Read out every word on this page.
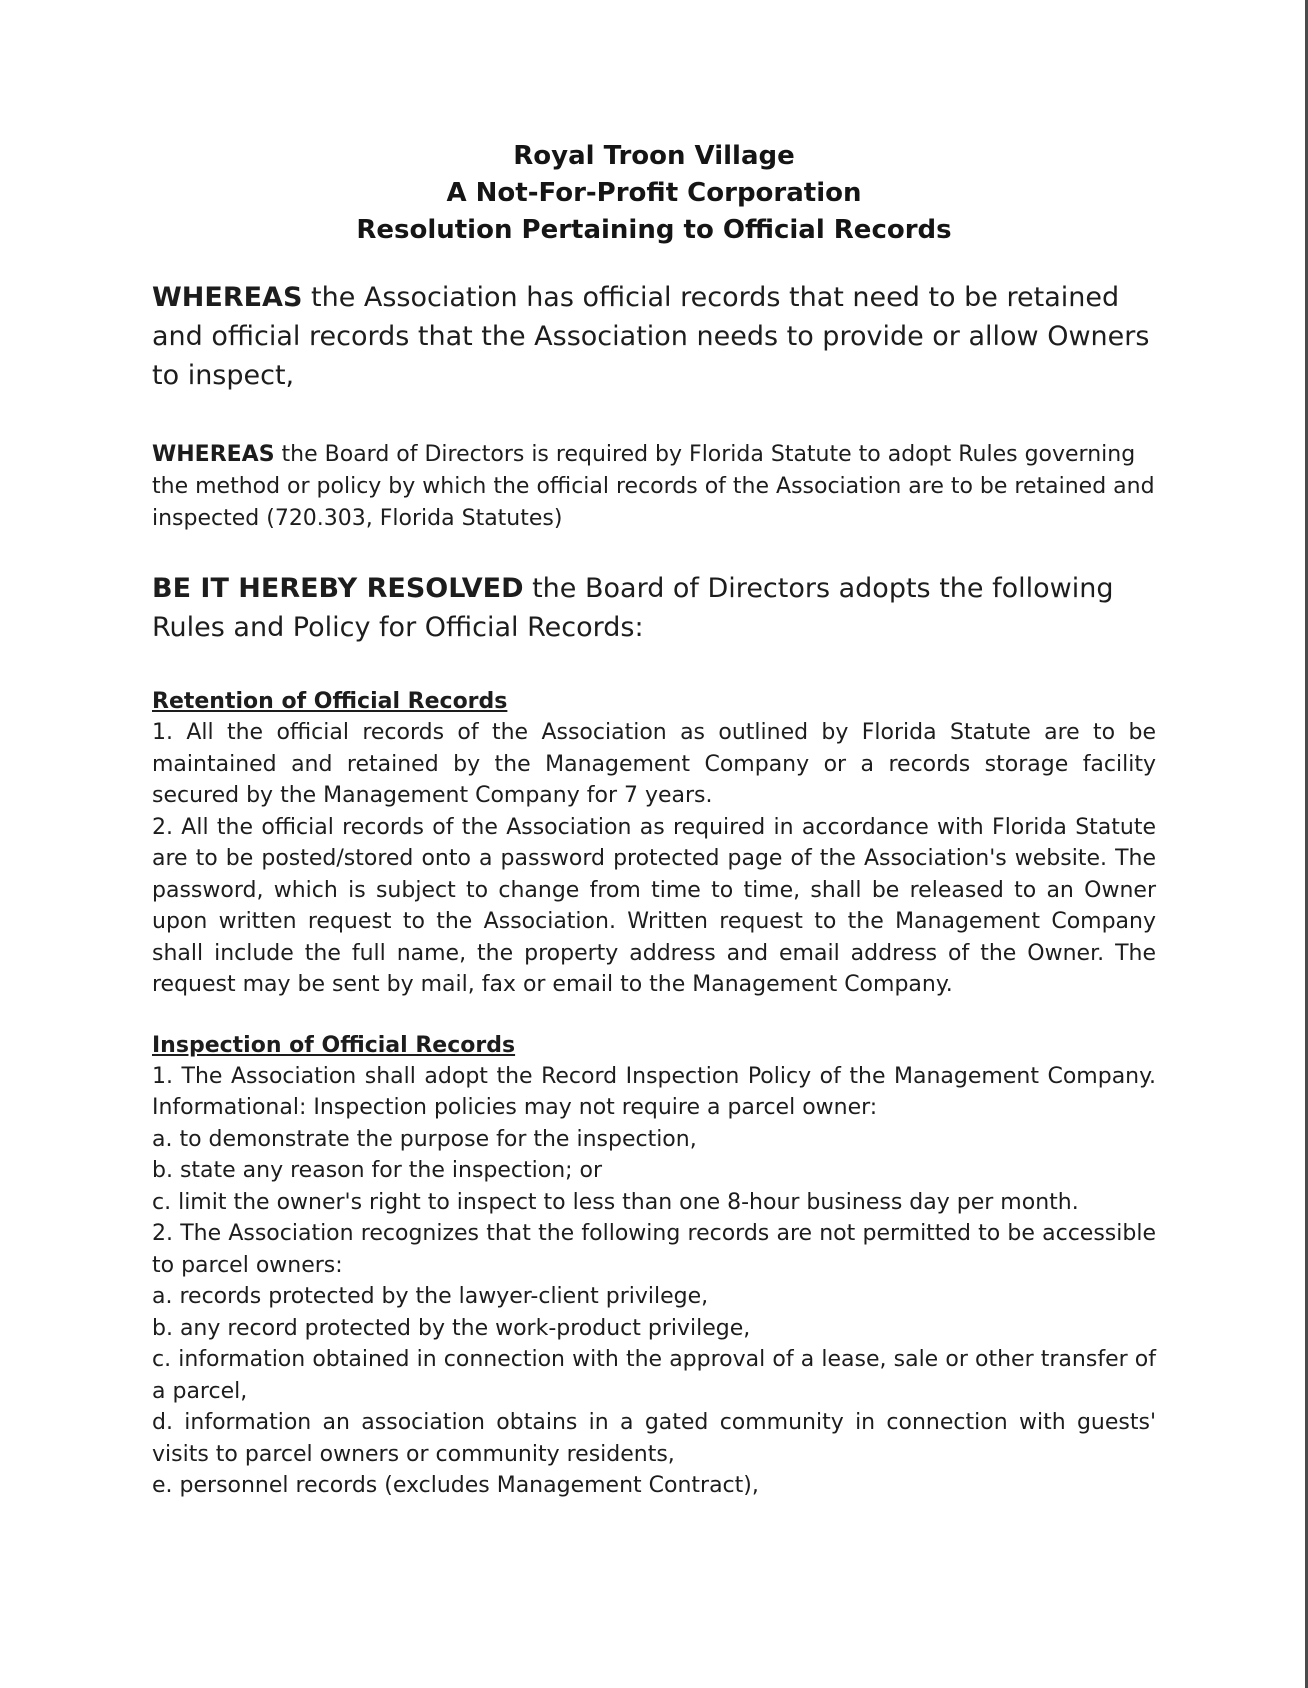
Royal Troon Village
A Not-For-Profit Corporation
Resolution Pertaining to Official Records

WHEREAS the Association has official records that need to be retained and official records that the Association needs to provide or allow Owners to inspect,

WHEREAS the Board of Directors is required by Florida Statute to adopt Rules governing the method or policy by which the official records of the Association are to be retained and inspected (720.303, Florida Statutes)

BE IT HEREBY RESOLVED the Board of Directors adopts the following Rules and Policy for Official Records:

Retention of Official Records

1. All the official records of the Association as outlined by Florida Statute are to be maintained and retained by the Management Company or a records storage facility secured by the Management Company for 7 years.

2. All the official records of the Association as required in accordance with Florida Statute are to be posted/stored onto a password protected page of the Association's website. The password, which is subject to change from time to time, shall be released to an Owner upon written request to the Association. Written request to the Management Company shall include the full name, the property address and email address of the Owner. The request may be sent by mail, fax or email to the Management Company.

Inspection of Official Records

1. The Association shall adopt the Record Inspection Policy of the Management Company. Informational: Inspection policies may not require a parcel owner:

a. to demonstrate the purpose for the inspection,

b. state any reason for the inspection; or

c. limit the owner's right to inspect to less than one 8-hour business day per month.

2. The Association recognizes that the following records are not permitted to be accessible to parcel owners:

a. records protected by the lawyer-client privilege,

b. any record protected by the work-product privilege,

c. information obtained in connection with the approval of a lease, sale or other transfer of a parcel,

d. information an association obtains in a gated community in connection with guests' visits to parcel owners or community residents,

e. personnel records (excludes Management Contract),
